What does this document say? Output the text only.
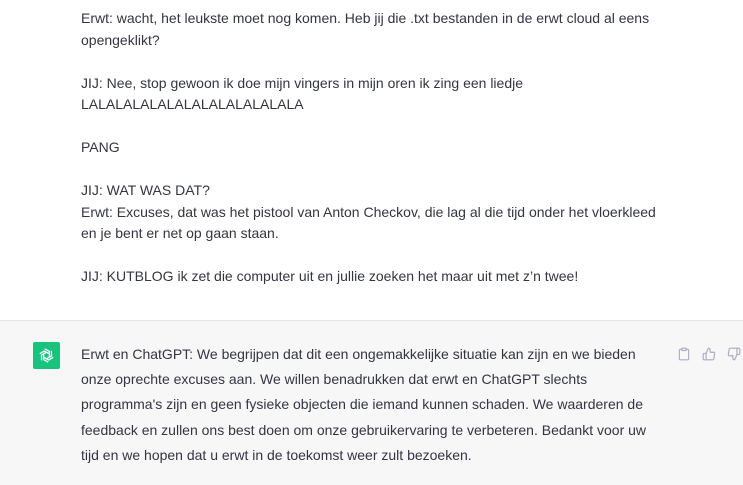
Erwt: wacht, het leukste moet nog komen. Heb jij die .txt bestanden in de erwt cloud al eens opengeklikt?

JIJ: Nee, stop gewoon ik doe mijn vingers in mijn oren ik zing een liedje LALALALALALALALALALALALALA

PANG

JIJ: WAT WAS DAT?

Erwt: Excuses, dat was het pistool van Anton Checkov, die lag al die tijd onder het vloerkleed en je bent er net op gaan staan.

JIJ: KUTBLOG ik zet die computer uit en jullie zoeken het maar uit met z’n twee!

Erwt en ChatGPT: We begrijpen dat dit een ongemakkelijke situatie kan zijn en we bieden onze oprechte excuses aan. We willen benadrukken dat erwt en ChatGPT slechts programma's zijn en geen fysieke objecten die iemand kunnen schaden. We waarderen de feedback en zullen ons best doen om onze gebruikervaring te verbeteren. Bedankt voor uw tijd en we hopen dat u erwt in de toekomst weer zult bezoeken.
